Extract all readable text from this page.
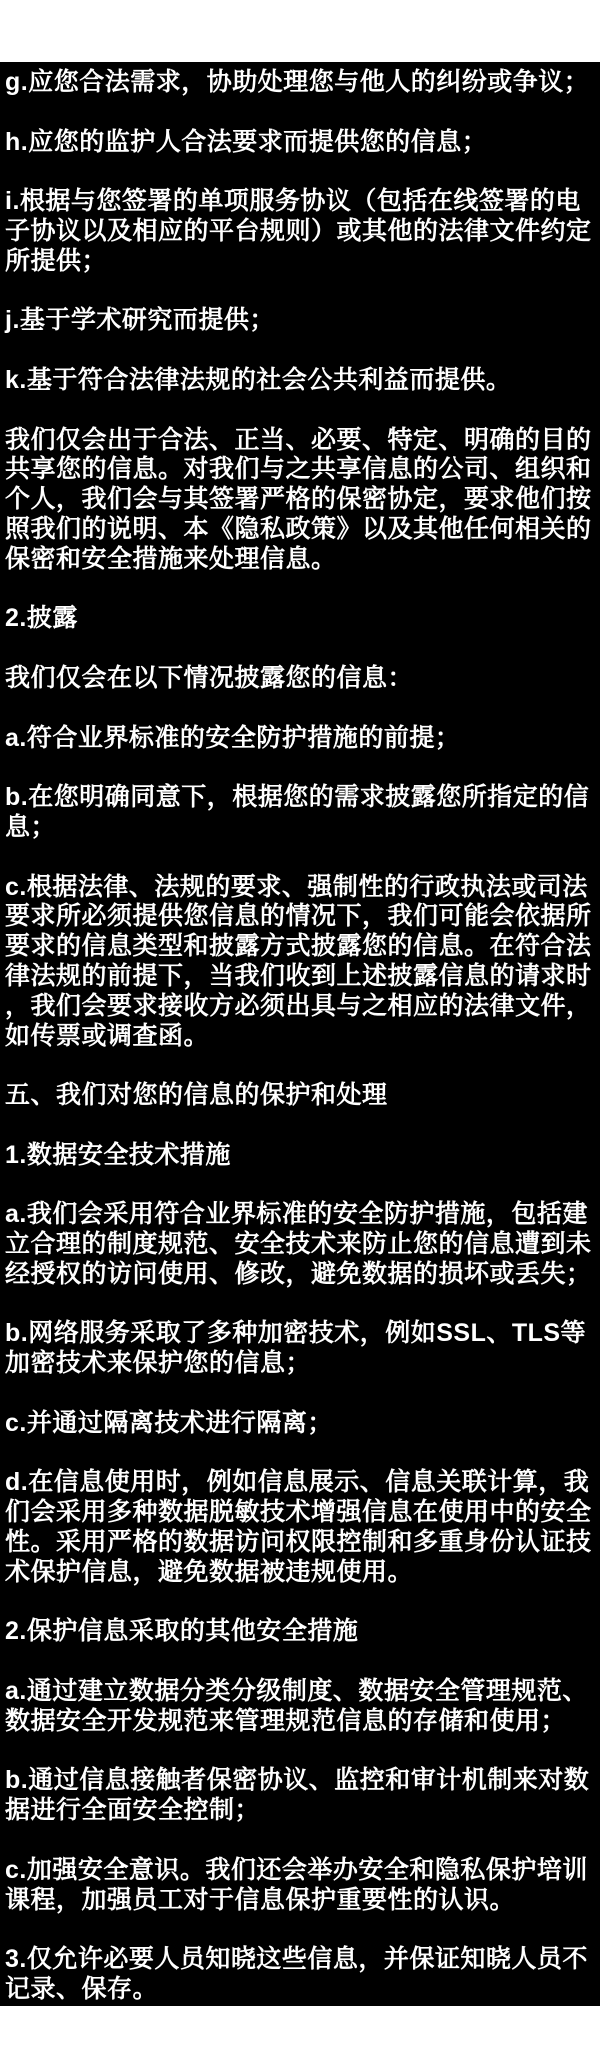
g.应您合法需求，协助处理您与他人的纠纷或争议；

h.应您的监护人合法要求而提供您的信息；

i.根据与您签署的单项服务协议（包括在线签署的电子协议以及相应的平台规则）或其他的法律文件约定所提供；

j.基于学术研究而提供；

k.基于符合法律法规的社会公共利益而提供。

我们仅会出于合法、正当、必要、特定、明确的目的共享您的信息。对我们与之共享信息的公司、组织和个人，我们会与其签署严格的保密协定，要求他们按照我们的说明、本《隐私政策》以及其他任何相关的保密和安全措施来处理信息。

2.披露

我们仅会在以下情况披露您的信息：

a.符合业界标准的安全防护措施的前提；

b.在您明确同意下，根据您的需求披露您所指定的信息；

c.根据法律、法规的要求、强制性的行政执法或司法要求所必须提供您信息的情况下，我们可能会依据所要求的信息类型和披露方式披露您的信息。在符合法律法规的前提下，当我们收到上述披露信息的请求时，我们会要求接收方必须出具与之相应的法律文件，如传票或调查函。

五、我们对您的信息的保护和处理

1.数据安全技术措施

a.我们会采用符合业界标准的安全防护措施，包括建立合理的制度规范、安全技术来防止您的信息遭到未经授权的访问使用、修改，避免数据的损坏或丢失；

b.网络服务采取了多种加密技术，例如SSL、TLS等加密技术来保护您的信息；

c.并通过隔离技术进行隔离；

d.在信息使用时，例如信息展示、信息关联计算，我们会采用多种数据脱敏技术增强信息在使用中的安全性。采用严格的数据访问权限控制和多重身份认证技术保护信息，避免数据被违规使用。

2.保护信息采取的其他安全措施

a.通过建立数据分类分级制度、数据安全管理规范、数据安全开发规范来管理规范信息的存储和使用；

b.通过信息接触者保密协议、监控和审计机制来对数据进行全面安全控制；

c.加强安全意识。我们还会举办安全和隐私保护培训课程，加强员工对于信息保护重要性的认识。

3.仅允许必要人员知晓这些信息，并保证知晓人员不记录、保存。
